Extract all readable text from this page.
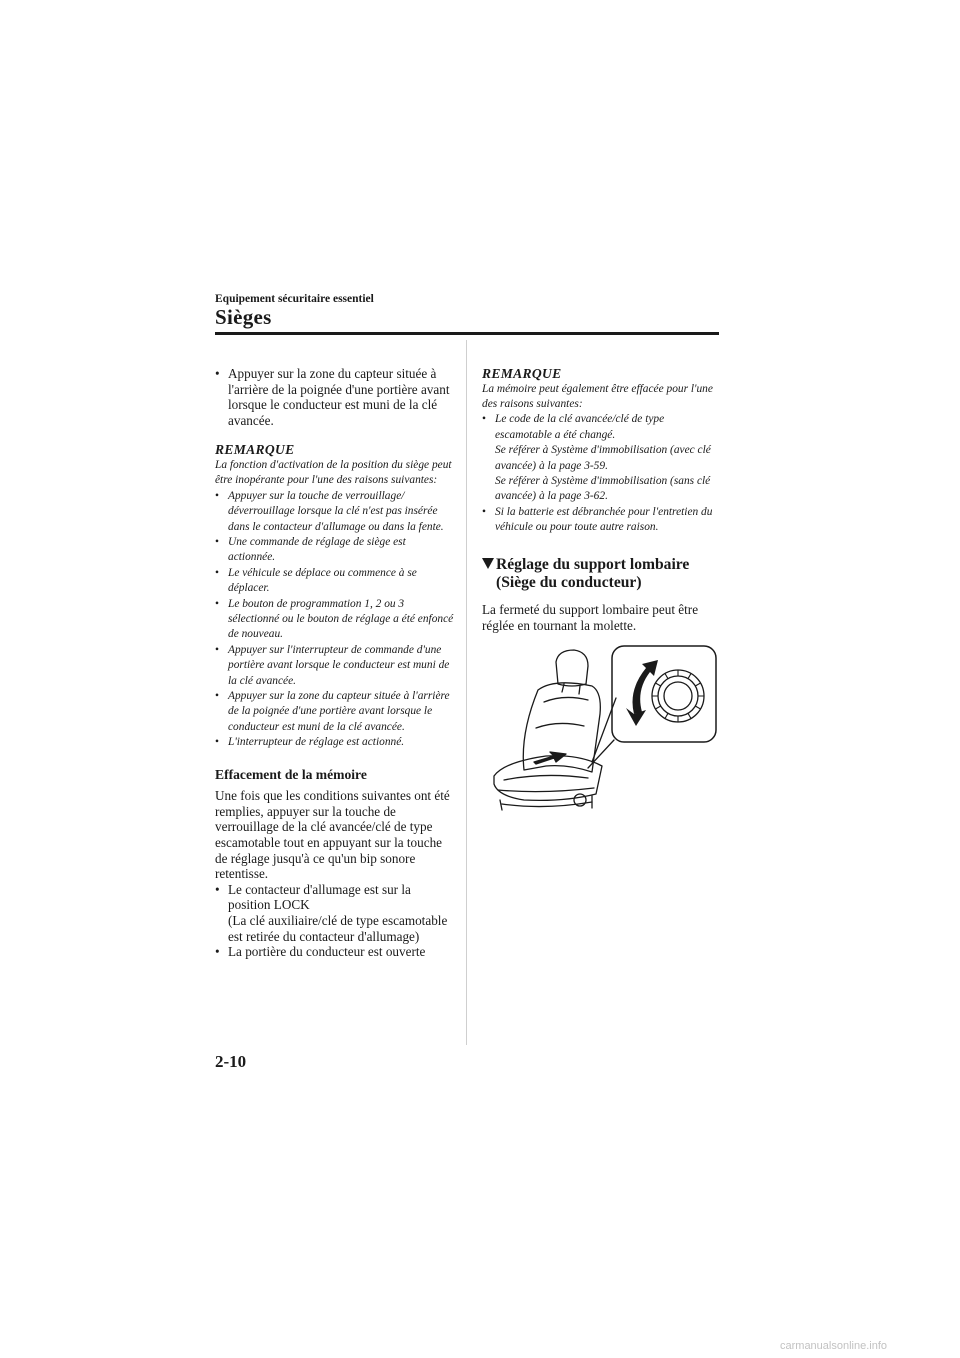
Equipement sécuritaire essentiel
Sièges

• Appuyer sur la zone du capteur située à l'arrière de la poignée d'une portière avant lorsque le conducteur est muni de la clé avancée.

REMARQUE

La fonction d'activation de la position du siège peut être inopérante pour l'une des raisons suivantes:

• Appuyer sur la touche de verrouillage/ déverrouillage lorsque la clé n'est pas insérée dans le contacteur d'allumage ou dans la fente.

• Une commande de réglage de siège est actionnée.

• Le véhicule se déplace ou commence à se déplacer.

• Le bouton de programmation 1, 2 ou 3 sélectionné ou le bouton de réglage a été enfoncé de nouveau.

• Appuyer sur l'interrupteur de commande d'une portière avant lorsque le conducteur est muni de la clé avancée.

• Appuyer sur la zone du capteur située à l'arrière de la poignée d'une portière avant lorsque le conducteur est muni de la clé avancée.

• L'interrupteur de réglage est actionné.

Effacement de la mémoire

Une fois que les conditions suivantes ont été remplies, appuyer sur la touche de verrouillage de la clé avancée/clé de type escamotable tout en appuyant sur la touche de réglage jusqu'à ce qu'un bip sonore retentisse.

• Le contacteur d'allumage est sur la position LOCK
(La clé auxiliaire/clé de type escamotable est retirée du contacteur d'allumage)

• La portière du conducteur est ouverte

REMARQUE

La mémoire peut également être effacée pour l'une des raisons suivantes:

• Le code de la clé avancée/clé de type escamotable a été changé.
Se référer à Système d'immobilisation (avec clé avancée) à la page 3-59.
Se référer à Système d'immobilisation (sans clé avancée) à la page 3-62.

• Si la batterie est débranchée pour l'entretien du véhicule ou pour toute autre raison.

Réglage du support lombaire
(Siège du conducteur)

La fermeté du support lombaire peut être réglée en tournant la molette.

2-10
carmanualsonline.info
